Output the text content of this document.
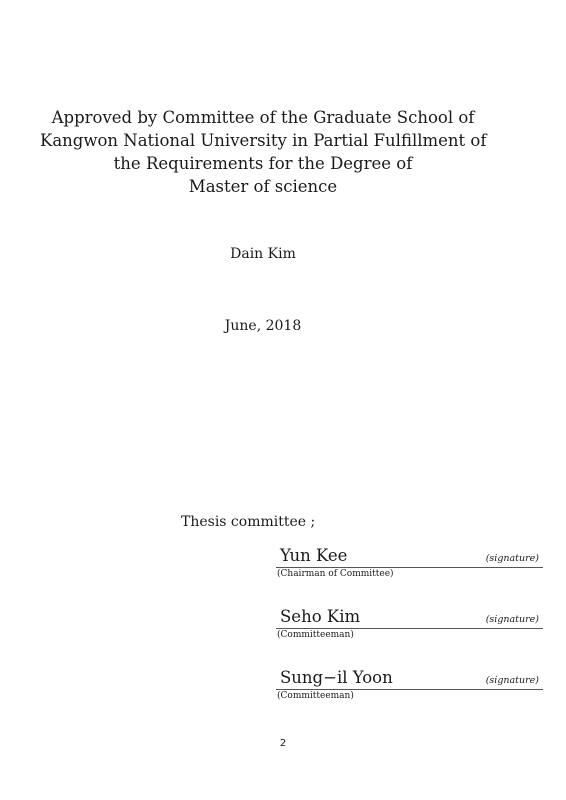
Approved by Committee of the Graduate School of
Kangwon National University in Partial Fulfillment of
the Requirements for the Degree of
Master of science
Dain Kim
June, 2018
Thesis committee ;
Yun Kee	(signature)
(Chairman of Committee)
Seho Kim	(signature)
(Committeeman)
Sung−il Yoon	(signature)
(Committeeman)
2
